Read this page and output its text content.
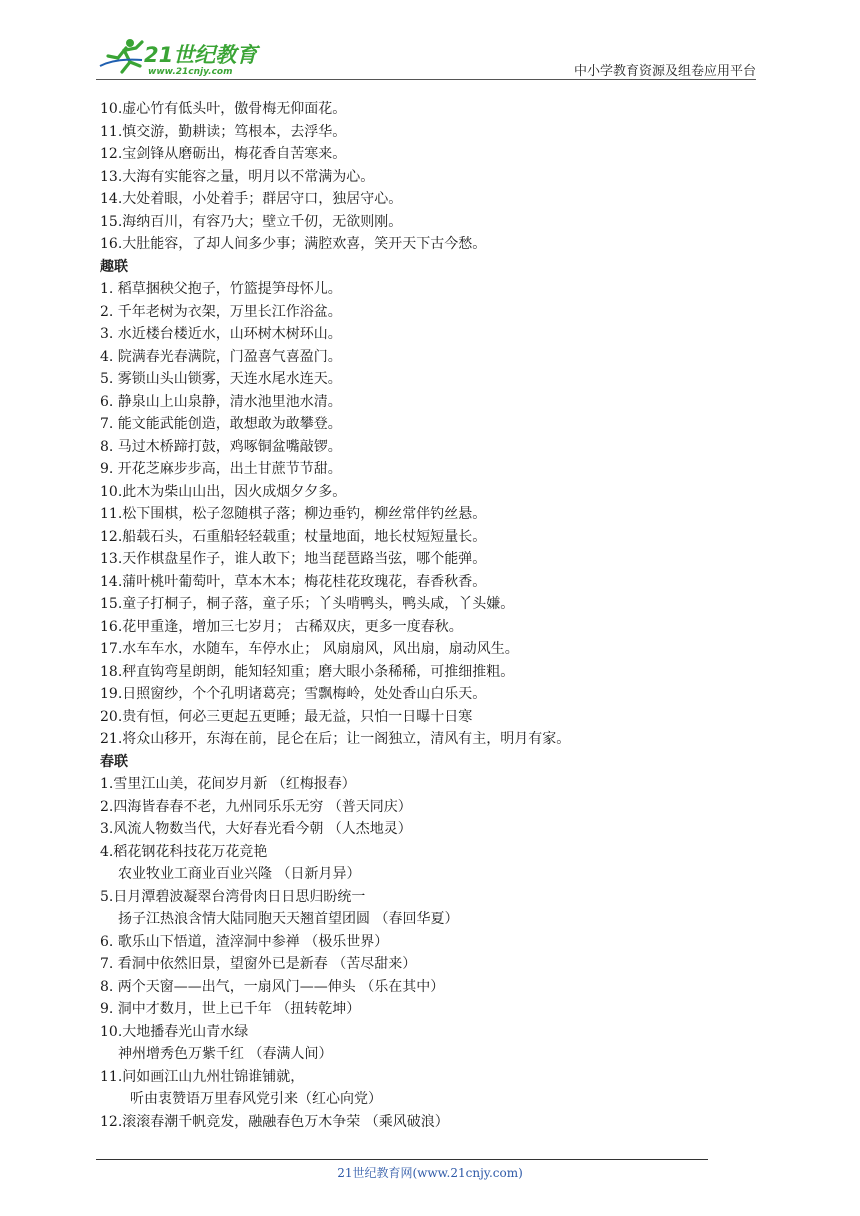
21世纪教育
www.21cnjy.com	中小学教育资源及组卷应用平台
10.虚心竹有低头叶，傲骨梅无仰面花。
11.慎交游，勤耕读；笃根本，去浮华。
12.宝剑锋从磨砺出，梅花香自苦寒来。
13.大海有实能容之量，明月以不常满为心。
14.大处着眼，小处着手；群居守口，独居守心。
15.海纳百川，有容乃大；壁立千仞，无欲则刚。
16.大肚能容，了却人间多少事；满腔欢喜，笑开天下古今愁。
趣联
1. 稻草捆秧父抱子，竹篮提笋母怀儿。
2. 千年老树为衣架，万里长江作浴盆。
3. 水近楼台楼近水，山环树木树环山。
4. 院满春光春满院，门盈喜气喜盈门。
5. 雾锁山头山锁雾，天连水尾水连天。
6. 静泉山上山泉静，清水池里池水清。
7. 能文能武能创造，敢想敢为敢攀登。
8. 马过木桥蹄打鼓，鸡啄铜盆嘴敲锣。
9. 开花芝麻步步高，出土甘蔗节节甜。
10.此木为柴山山出，因火成烟夕夕多。
11.松下围棋，松子忽随棋子落；柳边垂钓，柳丝常伴钓丝悬。
12.船载石头，石重船轻轻载重；杖量地面，地长杖短短量长。
13.天作棋盘星作子，谁人敢下；地当琵琶路当弦，哪个能弹。
14.蒲叶桃叶葡萄叶，草本木本；梅花桂花玫瑰花，春香秋香。
15.童子打桐子，桐子落，童子乐；丫头啃鸭头，鸭头咸，丫头嫌。
16.花甲重逢，增加三七岁月； 古稀双庆，更多一度春秋。
17.水车车水，水随车，车停水止； 风扇扇风，风出扇，扇动风生。
18.秤直钩弯星朗朗，能知轻知重；磨大眼小条稀稀，可推细推粗。
19.日照窗纱，个个孔明诸葛亮；雪飘梅岭，处处香山白乐天。
20.贵有恒，何必三更起五更睡；最无益，只怕一日曝十日寒
21.将众山移开，东海在前，昆仑在后；让一阁独立，清风有主，明月有家。
春联
1.雪里江山美，花间岁月新 （红梅报春）
2.四海皆春春不老，九州同乐乐无穷 （普天同庆）
3.风流人物数当代，大好春光看今朝 （人杰地灵）
4.稻花钢花科技花万花竞艳
农业牧业工商业百业兴隆 （日新月异）
5.日月潭碧波凝翠台湾骨肉日日思归盼统一
扬子江热浪含情大陆同胞天天翘首望团圆 （春回华夏）
6. 歌乐山下悟道，渣滓洞中参禅 （极乐世界）
7. 看洞中依然旧景，望窗外已是新春 （苦尽甜来）
8. 两个天窗——出气，一扇风门——伸头 （乐在其中）
9. 洞中才数月，世上已千年 （扭转乾坤）
10.大地播春光山青水绿
神州增秀色万紫千红 （春满人间）
11.问如画江山九州壮锦谁铺就，
听由衷赞语万里春风党引来（红心向党）
12.滚滚春潮千帆竞发，融融春色万木争荣 （乘风破浪）
21世纪教育网(www.21cnjy.com)
